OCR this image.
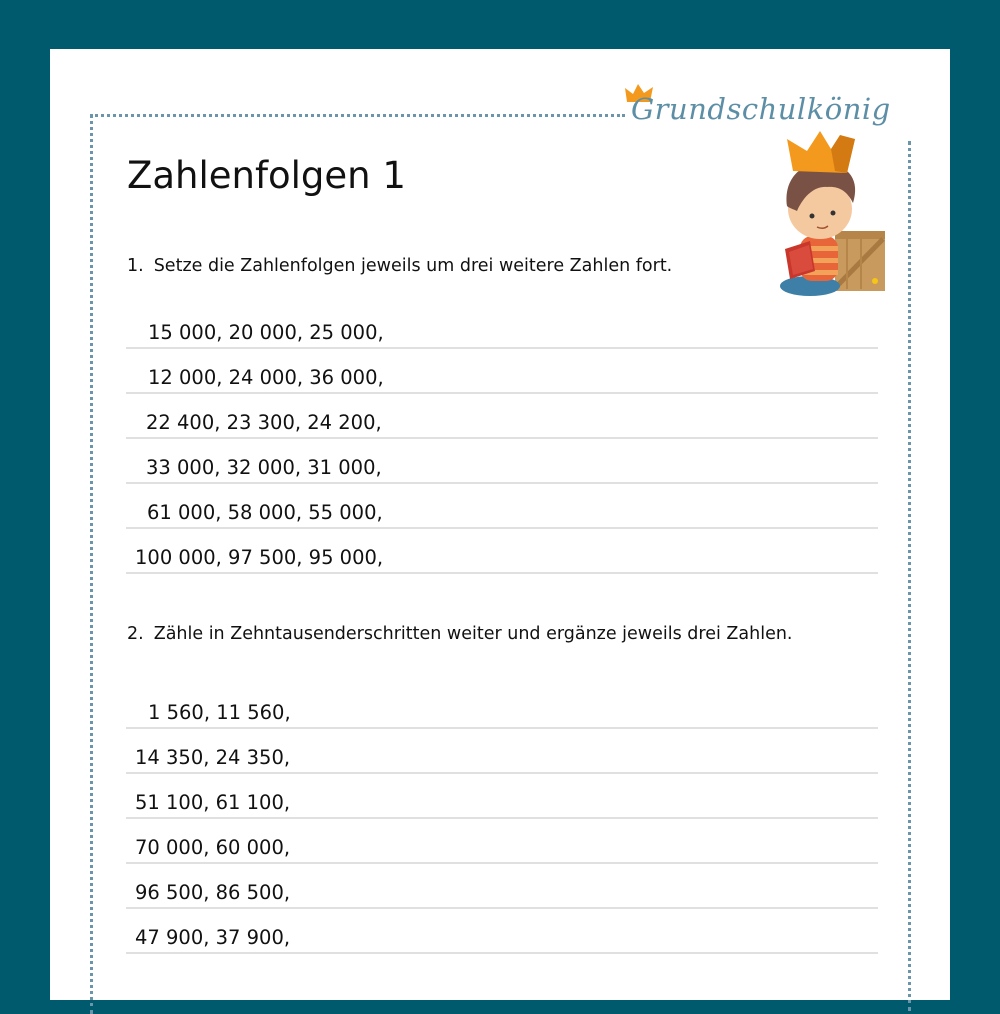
Grundschulkönig
Zahlenfolgen 1
1. Setze die Zahlenfolgen jeweils um drei weitere Zahlen fort.
15 000, 20 000, 25 000,
12 000, 24 000, 36 000,
22 400, 23 300, 24 200,
33 000, 32 000, 31 000,
61 000, 58 000, 55 000,
100 000, 97 500, 95 000,
2. Zähle in Zehntausenderschritten weiter und ergänze jeweils drei Zahlen.
1 560, 11 560,
14 350, 24 350,
51 100, 61 100,
70 000, 60 000,
96 500, 86 500,
47 900, 37 900,
